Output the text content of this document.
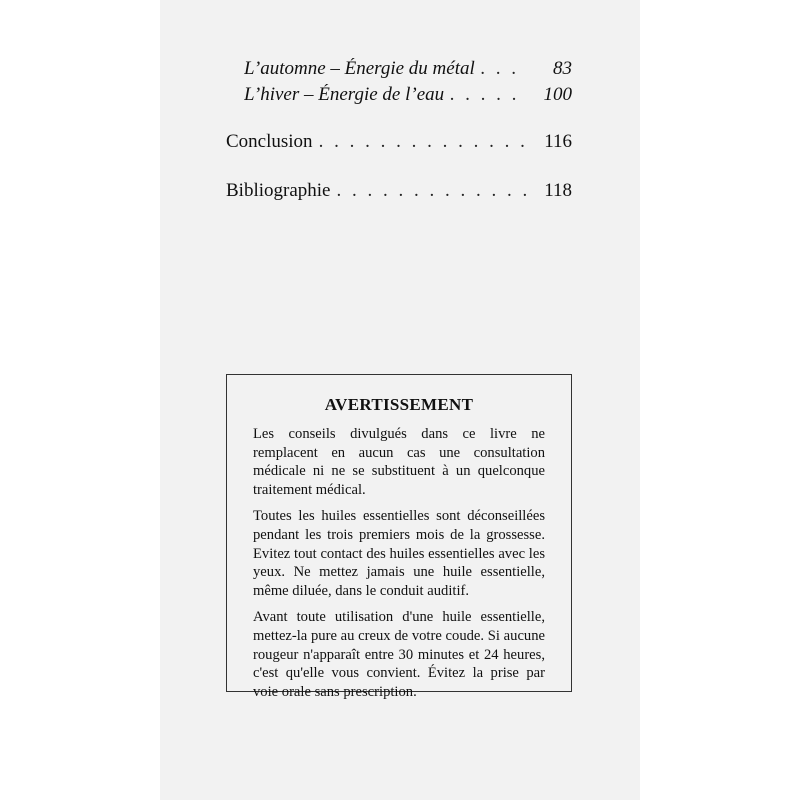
L’automne – Énergie du métal . . .	83
L’hiver – Énergie de l’eau . . .	100
Conclusion . . .	116
Bibliographie . . .	118
AVERTISSEMENT

Les conseils divulgués dans ce livre ne remplacent en aucun cas une consultation médicale ni ne se substituent à un quelconque traitement médical.

Toutes les huiles essentielles sont déconseillées pendant les trois premiers mois de la grossesse. Evitez tout contact des huiles essentielles avec les yeux. Ne mettez jamais une huile essentielle, même diluée, dans le conduit auditif.

Avant toute utilisation d'une huile essentielle, mettez-la pure au creux de votre coude. Si aucune rougeur n'apparaît entre 30 minutes et 24 heures, c'est qu'elle vous convient. Évitez la prise par voie orale sans prescription.
